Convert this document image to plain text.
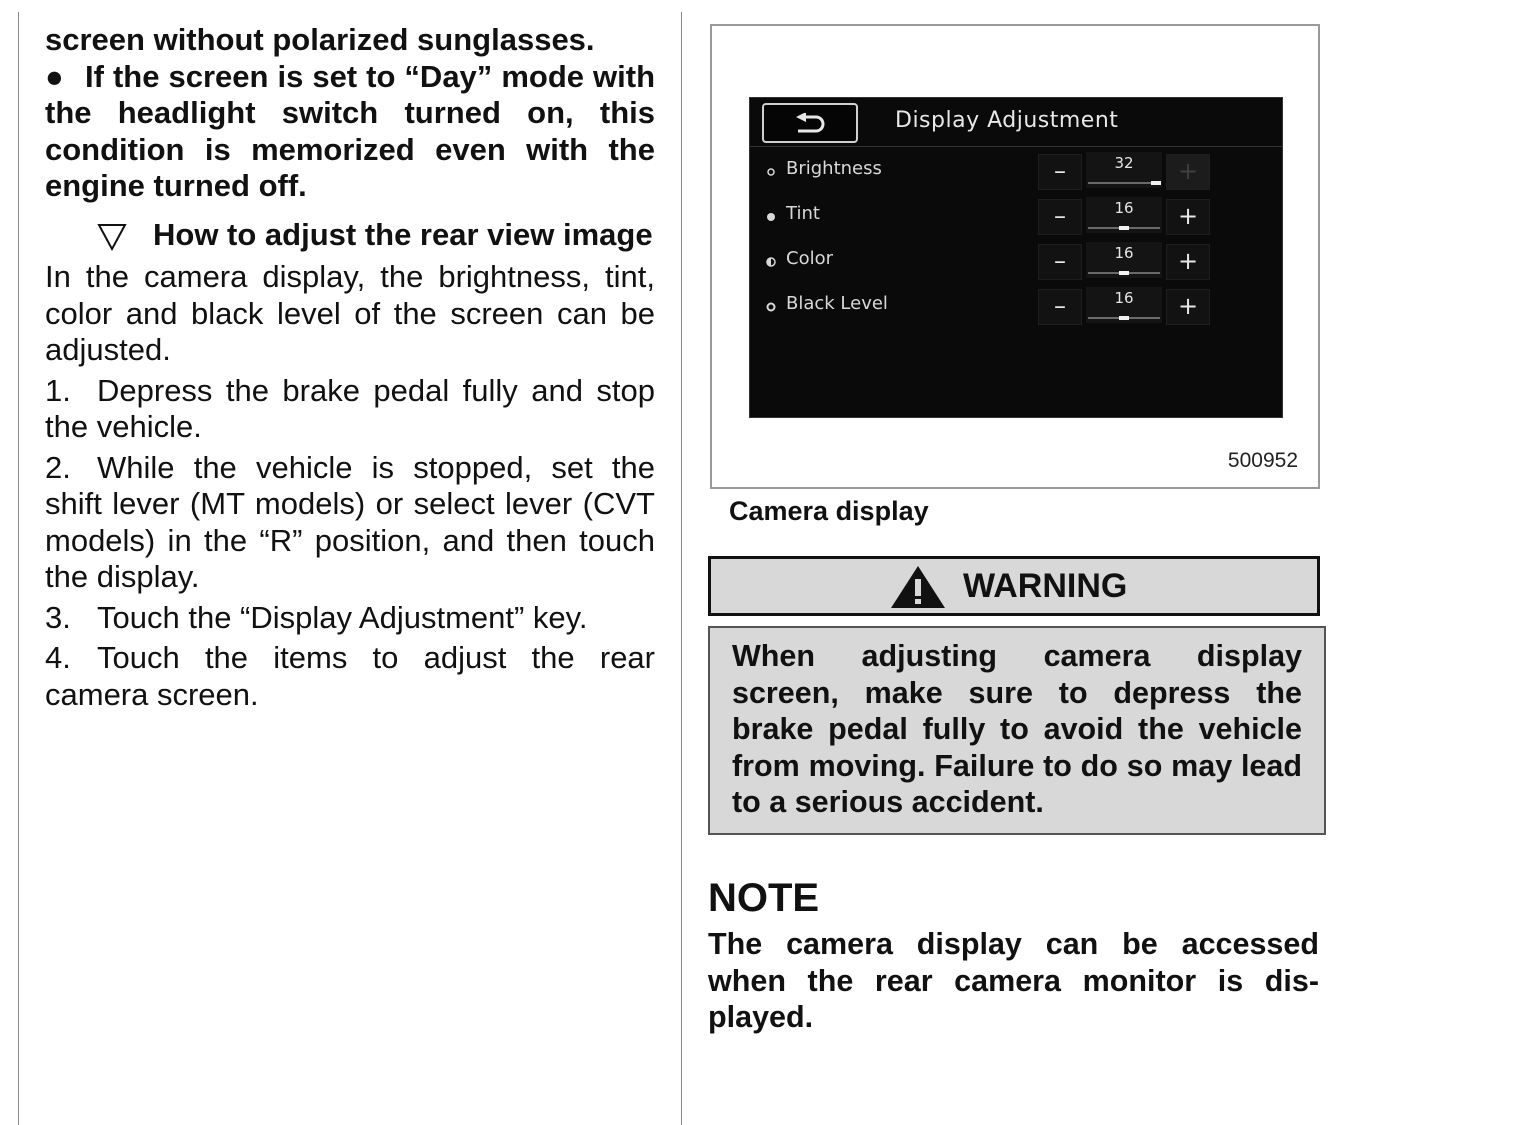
screen without polarized sunglasses.

● If the screen is set to “Day” mode with the headlight switch turned on, this condition is memorized even with the engine turned off.

How to adjust the rear view image

In the camera display, the brightness, tint, color and black level of the screen can be adjusted.

1. Depress the brake pedal fully and stop the vehicle.

2. While the vehicle is stopped, set the shift lever (MT models) or select lever (CVT models) in the “R” position, and then touch the display.

3. Touch the “Display Adjustment” key.

4. Touch the items to adjust the rear camera screen.

Display Adjustment
Brightness	–	32	+
Tint	–	16	+
Color	–	16	+
Black Level	–	16	+
500952
Camera display
WARNING
When adjusting camera display screen, make sure to depress the brake pedal fully to avoid the vehicle from moving. Failure to do so may lead to a serious accident.
NOTE
The camera display can be accessed when the rear camera monitor is dis-played.
